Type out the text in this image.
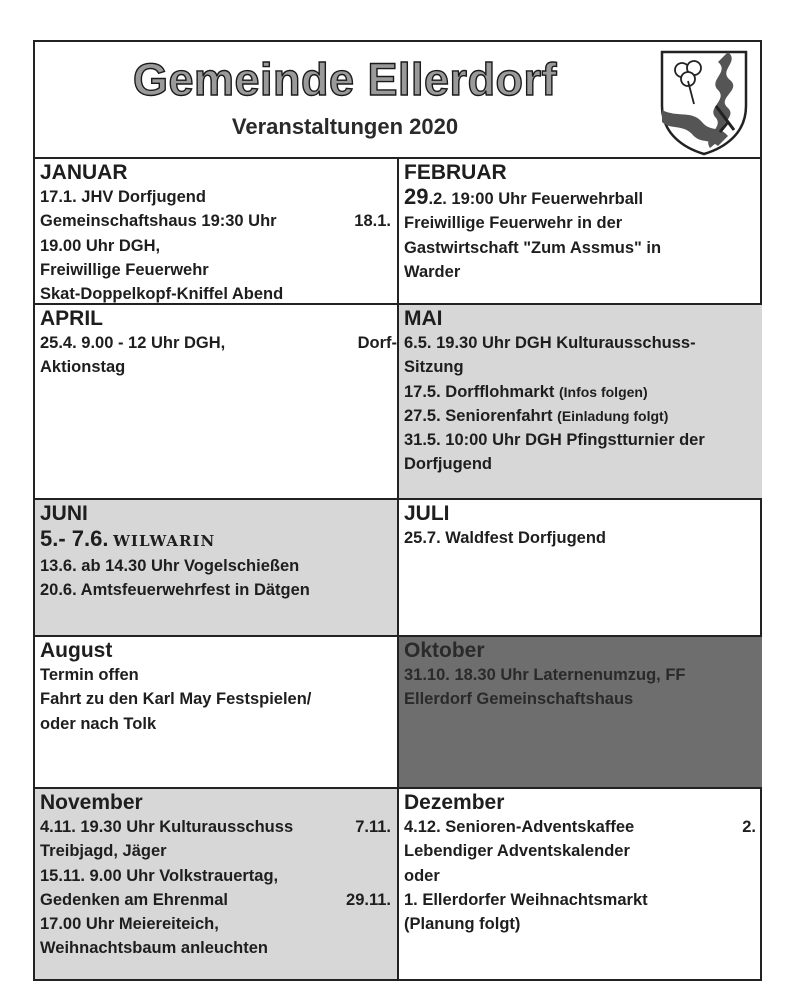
Gemeinde Ellerdorf
Veranstaltungen 2020
JANUAR
17.1. JHV Dorfjugend
Gemeinschaftshaus 19:30 Uhr	18.1.
19.00 Uhr DGH,
Freiwillige Feuerwehr
Skat-Doppelkopf-Kniffel Abend
FEBRUAR
29.2. 19:00 Uhr Feuerwehrball
Freiwillige Feuerwehr in der
Gastwirtschaft "Zum Assmus" in
Warder
APRIL
25.4. 9.00 - 12 Uhr DGH,	Dorf-
Aktionstag
MAI
6.5. 19.30 Uhr DGH Kulturausschuss-
Sitzung
17.5. Dorfflohmarkt (Infos folgen)
27.5. Seniorenfahrt (Einladung folgt)
31.5. 10:00 Uhr DGH Pfingstturnier der
Dorfjugend
JUNI
5.- 7.6. WILWARIN
13.6. ab 14.30 Uhr Vogelschießen
20.6. Amtsfeuerwehrfest in Dätgen
JULI
25.7. Waldfest Dorfjugend
August
Termin offen
Fahrt zu den Karl May Festspielen/
oder nach Tolk
Oktober
31.10. 18.30 Uhr Laternenumzug, FF
Ellerdorf Gemeinschaftshaus
November
4.11. 19.30 Uhr Kulturausschuss	7.11.
Treibjagd, Jäger
15.11. 9.00 Uhr Volkstrauertag,
Gedenken am Ehrenmal	29.11.
17.00 Uhr Meiereiteich,
Weihnachtsbaum anleuchten
Dezember
4.12. Senioren-Adventskaffee	2.
Lebendiger Adventskalender
oder
1. Ellerdorfer Weihnachtsmarkt
(Planung folgt)
